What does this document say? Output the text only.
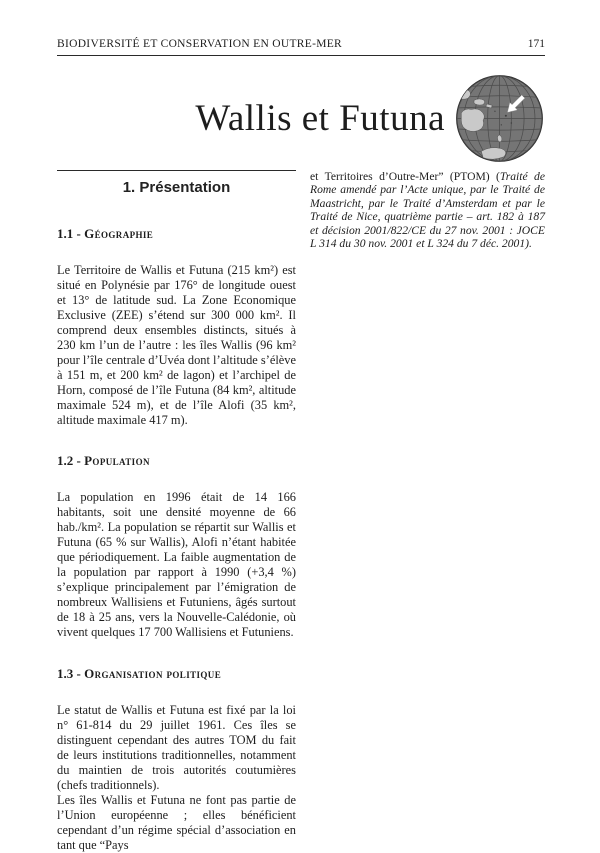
BIODIVERSITÉ ET CONSERVATION EN OUTRE-MER	171
Wallis et Futuna
1. Présentation
1.1 - Géographie

Le Territoire de Wallis et Futuna (215 km²) est situé en Polynésie par 176° de longitude ouest et 13° de latitude sud. La Zone Economique Exclusive (ZEE) s’étend sur 300 000 km². Il comprend deux ensembles distincts, situés à 230 km l’un de l’autre : les îles Wallis (96 km² pour l’île centrale d’Uvéa dont l’altitude s’élève à 151 m, et 200 km² de lagon) et l’archipel de Horn, composé de l’île Futuna (84 km², altitude maximale 524 m), et de l’île Alofi (35 km², altitude maximale 417 m).

1.2 - Population

La population en 1996 était de 14 166 habitants, soit une densité moyenne de 66 hab./km². La population se répartit sur Wallis et Futuna (65 % sur Wallis), Alofi n’étant habitée que périodiquement. La faible augmentation de la population par rapport à 1990 (+3,4 %) s’explique principalement par l’émigration de nombreux Wallisiens et Futuniens, âgés surtout de 18 à 25 ans, vers la Nouvelle-Calédonie, où vivent quelques 17 700 Wallisiens et Futuniens.

1.3 - Organisation politique

Le statut de Wallis et Futuna est fixé par la loi n° 61-814 du 29 juillet 1961. Ces îles se distinguent cependant des autres TOM du fait de leurs institutions traditionnelles, notamment du maintien de trois autorités coutumières (chefs traditionnels).

Les îles Wallis et Futuna ne font pas partie de l’Union européenne ; elles bénéficient cependant d’un régime spécial d’association en tant que “Pays

et Territoires d’Outre-Mer” (PTOM) (Traité de Rome amendé par l’Acte unique, par le Traité de Maastricht, par le Traité d’Amsterdam et par le Traité de Nice, quatrième partie – art. 182 à 187 et décision 2001/822/CE du 27 nov. 2001 : JOCE L 314 du 30 nov. 2001 et L 324 du 7 déc. 2001).
